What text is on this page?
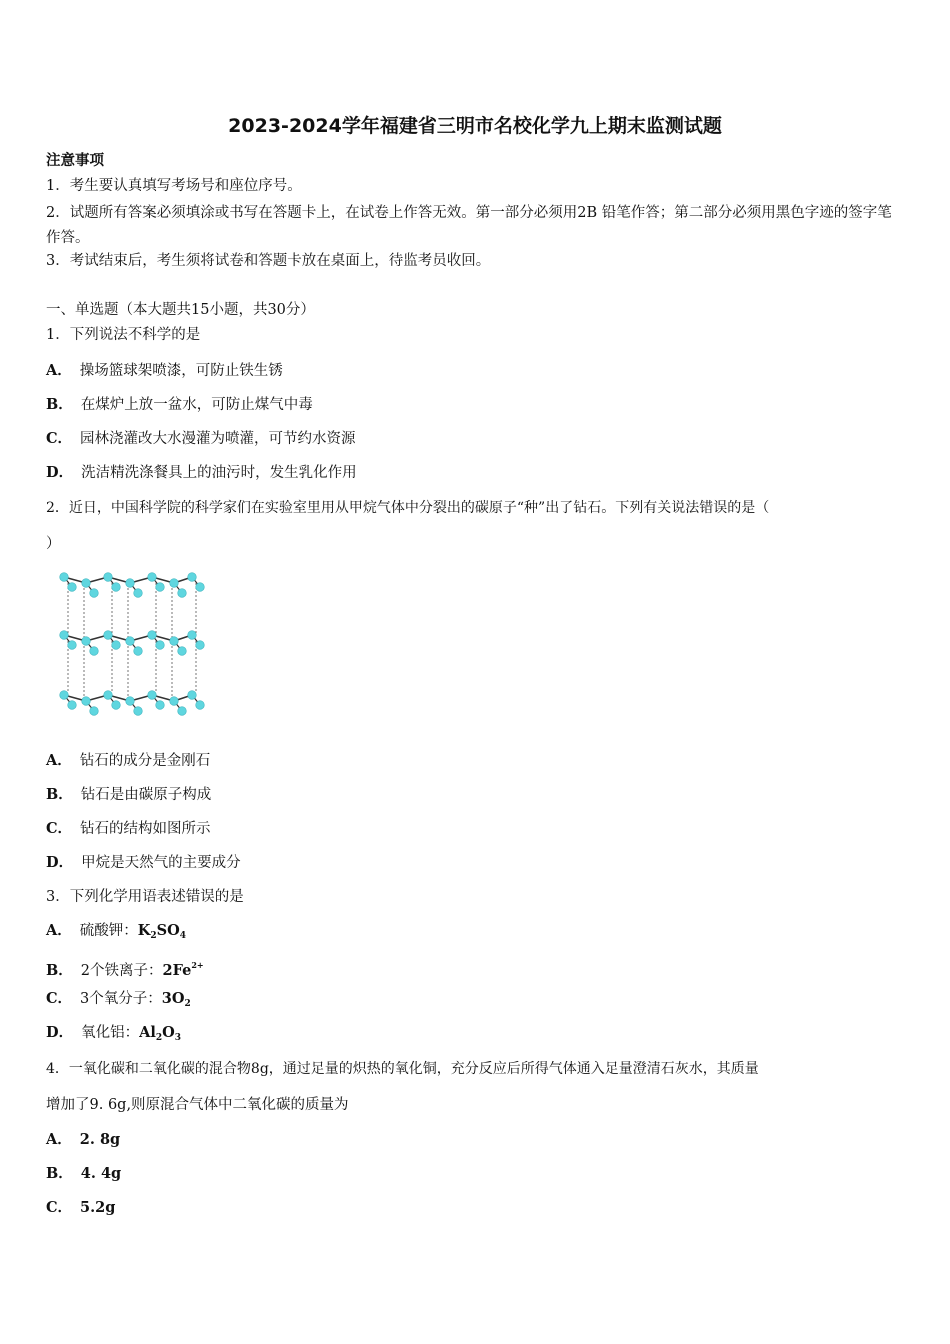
2023-2024学年福建省三明市名校化学九上期末监测试题
注意事项
1．考生要认真填写考场号和座位序号。
2．试题所有答案必须填涂或书写在答题卡上，在试卷上作答无效。第一部分必须用2B 铅笔作答；第二部分必须用黑色字迹的签字笔作答。
3．考试结束后，考生须将试卷和答题卡放在桌面上，待监考员收回。
一、单选题（本大题共15小题，共30分）
1．下列说法不科学的是
A． 操场篮球架喷漆，可防止铁生锈
B． 在煤炉上放一盆水，可防止煤气中毒
C． 园林浇灌改大水漫灌为喷灌，可节约水资源
D． 洗洁精洗涤餐具上的油污时，发生乳化作用
2．近日，中国科学院的科学家们在实验室里用从甲烷气体中分裂出的碳原子“种”出了钻石。下列有关说法错误的是（
）
A． 钻石的成分是金刚石
B． 钻石是由碳原子构成
C． 钻石的结构如图所示
D． 甲烷是天然气的主要成分
3．下列化学用语表述错误的是
A． 硫酸钾：$K_2SO_4$
B． 2个铁离子：$2Fe^{2+}$
C． 3个氧分子：$3O_2$
D． 氧化铝：$Al_2O_3$
4．一氧化碳和二氧化碳的混合物8g，通过足量的炽热的氧化铜，充分反应后所得气体通入足量澄清石灰水，其质量
增加了9. 6g,则原混合气体中二氧化碳的质量为
A． 2. 8g
B． 4. 4g
C． 5.2g
